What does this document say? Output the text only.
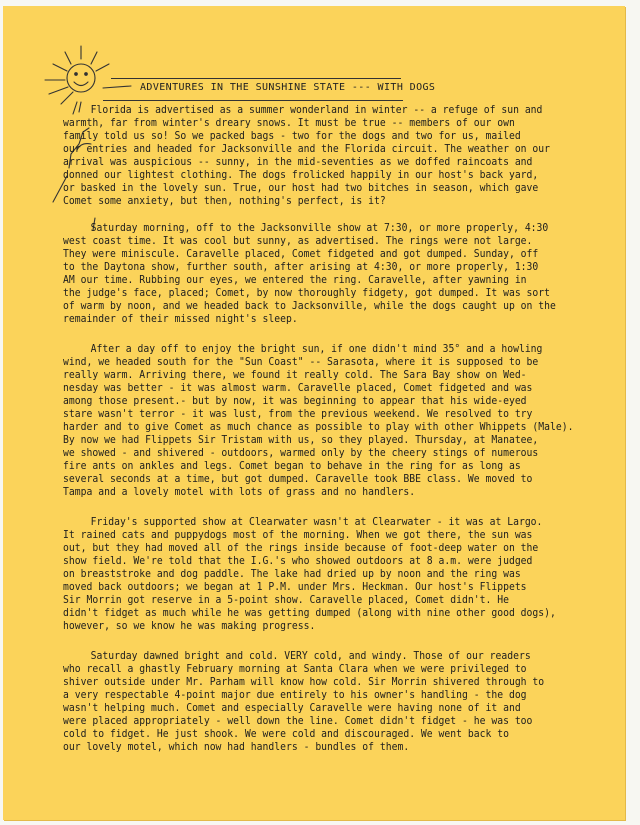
ADVENTURES IN THE SUNSHINE STATE --- WITH DOGS
Florida is advertised as a summer wonderland in winter -- a refuge of sun and
warmth, far from winter's dreary snows. It must be true -- members of our own
family told us so! So we packed bags - two for the dogs and two for us, mailed
our entries and headed for Jacksonville and the Florida circuit. The weather on our
arrival was auspicious -- sunny, in the mid-seventies as we doffed raincoats and
donned our lightest clothing. The dogs frolicked happily in our host's back yard,
or basked in the lovely sun. True, our host had two bitches in season, which gave
Comet some anxiety, but then, nothing's perfect, is it?
Saturday morning, off to the Jacksonville show at 7:30, or more properly, 4:30
west coast time. It was cool but sunny, as advertised. The rings were not large.
They were miniscule. Caravelle placed, Comet fidgeted and got dumped. Sunday, off
to the Daytona show, further south, after arising at 4:30, or more properly, 1:30
AM our time. Rubbing our eyes, we entered the ring. Caravelle, after yawning in
the judge's face, placed; Comet, by now thoroughly fidgety, got dumped. It was sort
of warm by noon, and we headed back to Jacksonville, while the dogs caught up on the
remainder of their missed night's sleep.
After a day off to enjoy the bright sun, if one didn't mind 35° and a howling
wind, we headed south for the "Sun Coast" -- Sarasota, where it is supposed to be
really warm. Arriving there, we found it really cold. The Sara Bay show on Wed-
nesday was better - it was almost warm. Caravelle placed, Comet fidgeted and was
among those present.- but by now, it was beginning to appear that his wide-eyed
stare wasn't terror - it was lust, from the previous weekend. We resolved to try
harder and to give Comet as much chance as possible to play with other Whippets (Male).
By now we had Flippets Sir Tristam with us, so they played. Thursday, at Manatee,
we showed - and shivered - outdoors, warmed only by the cheery stings of numerous
fire ants on ankles and legs. Comet began to behave in the ring for as long as
several seconds at a time, but got dumped. Caravelle took BBE class. We moved to
Tampa and a lovely motel with lots of grass and no handlers.
Friday's supported show at Clearwater wasn't at Clearwater - it was at Largo.
It rained cats and puppydogs most of the morning. When we got there, the sun was
out, but they had moved all of the rings inside because of foot-deep water on the
show field. We're told that the I.G.'s who showed outdoors at 8 a.m. were judged
on breaststroke and dog paddle. The lake had dried up by noon and the ring was
moved back outdoors; we began at 1 P.M. under Mrs. Heckman. Our host's Flippets
Sir Morrin got reserve in a 5-point show. Caravelle placed, Comet didn't. He
didn't fidget as much while he was getting dumped (along with nine other good dogs),
however, so we know he was making progress.
Saturday dawned bright and cold. VERY cold, and windy. Those of our readers
who recall a ghastly February morning at Santa Clara when we were privileged to
shiver outside under Mr. Parham will know how cold. Sir Morrin shivered through to
a very respectable 4-point major due entirely to his owner's handling - the dog
wasn't helping much. Comet and especially Caravelle were having none of it and
were placed appropriately - well down the line. Comet didn't fidget - he was too
cold to fidget. He just shook. We were cold and discouraged. We went back to
our lovely motel, which now had handlers - bundles of them.
